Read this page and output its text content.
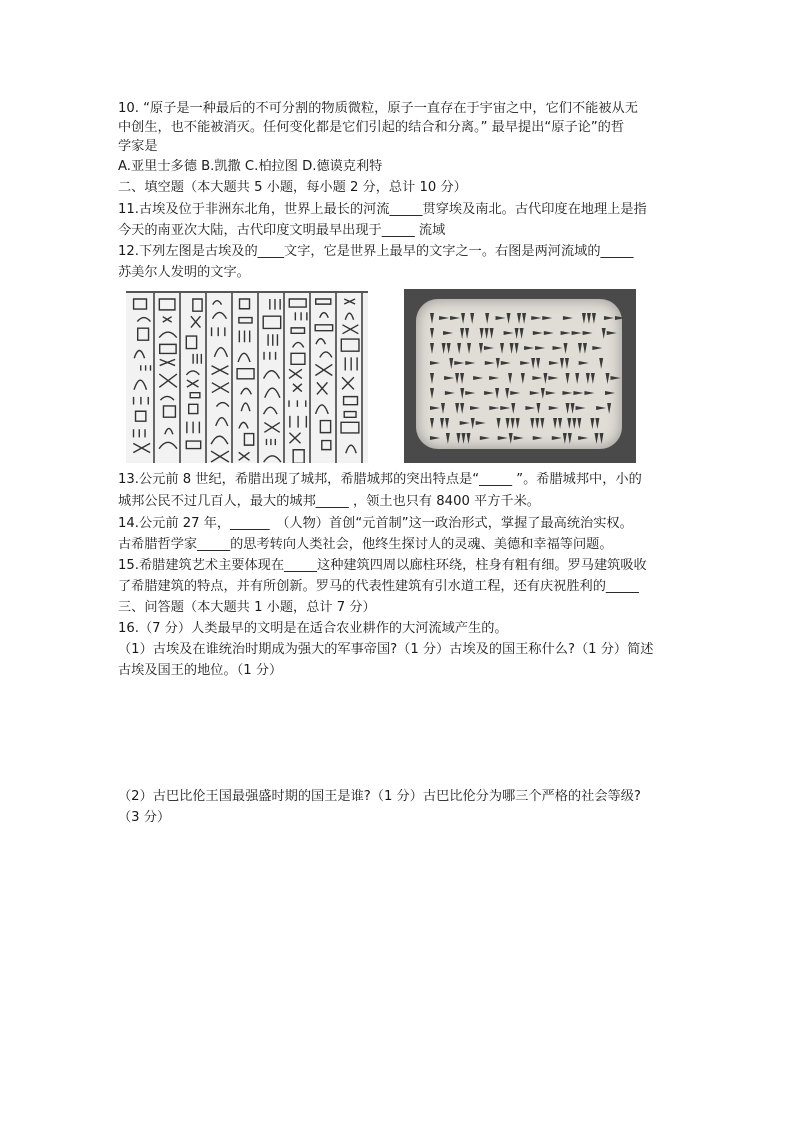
10. “原子是一种最后的不可分割的物质微粒，原子一直存在于宇宙之中，它们不能被从无
中创生，也不能被消灭。任何变化都是它们引起的结合和分离。” 最早提出“原子论”的哲
学家是
A.亚里士多德 B.凯撒 C.柏拉图 D.德谟克利特
二、填空题（本大题共 5 小题，每小题 2 分，总计 10 分）
11.古埃及位于非洲东北角，世界上最长的河流_____贯穿埃及南北。古代印度在地理上是指
今天的南亚次大陆，古代印度文明最早出现于_____ 流域
12.下列左图是古埃及的____文字，它是世界上最早的文字之一。右图是两河流域的_____
苏美尔人发明的文字。
13.公元前 8 世纪，希腊出现了城邦，希腊城邦的突出特点是“_____ ”。希腊城邦中，小的
城邦公民不过几百人，最大的城邦_____ ，领土也只有 8400 平方千米。
14.公元前 27 年，______　（人物）首创“元首制”这一政治形式，掌握了最高统治实权。
古希腊哲学家_____的思考转向人类社会，他终生探讨人的灵魂、美德和幸福等问题。
15.希腊建筑艺术主要体现在_____这种建筑四周以廊柱环绕，柱身有粗有细。罗马建筑吸收
了希腊建筑的特点，并有所创新。罗马的代表性建筑有引水道工程，还有庆祝胜利的_____
三、问答题（本大题共 1 小题，总计 7 分）
16.（7 分）人类最早的文明是在适合农业耕作的大河流域产生的。
（1）古埃及在谁统治时期成为强大的军事帝国?（1 分）古埃及的国王称什么?（1 分）简述
古埃及国王的地位。（1 分）
（2）古巴比伦王国最强盛时期的国王是谁?（1 分）古巴比伦分为哪三个严格的社会等级?
（3 分）
